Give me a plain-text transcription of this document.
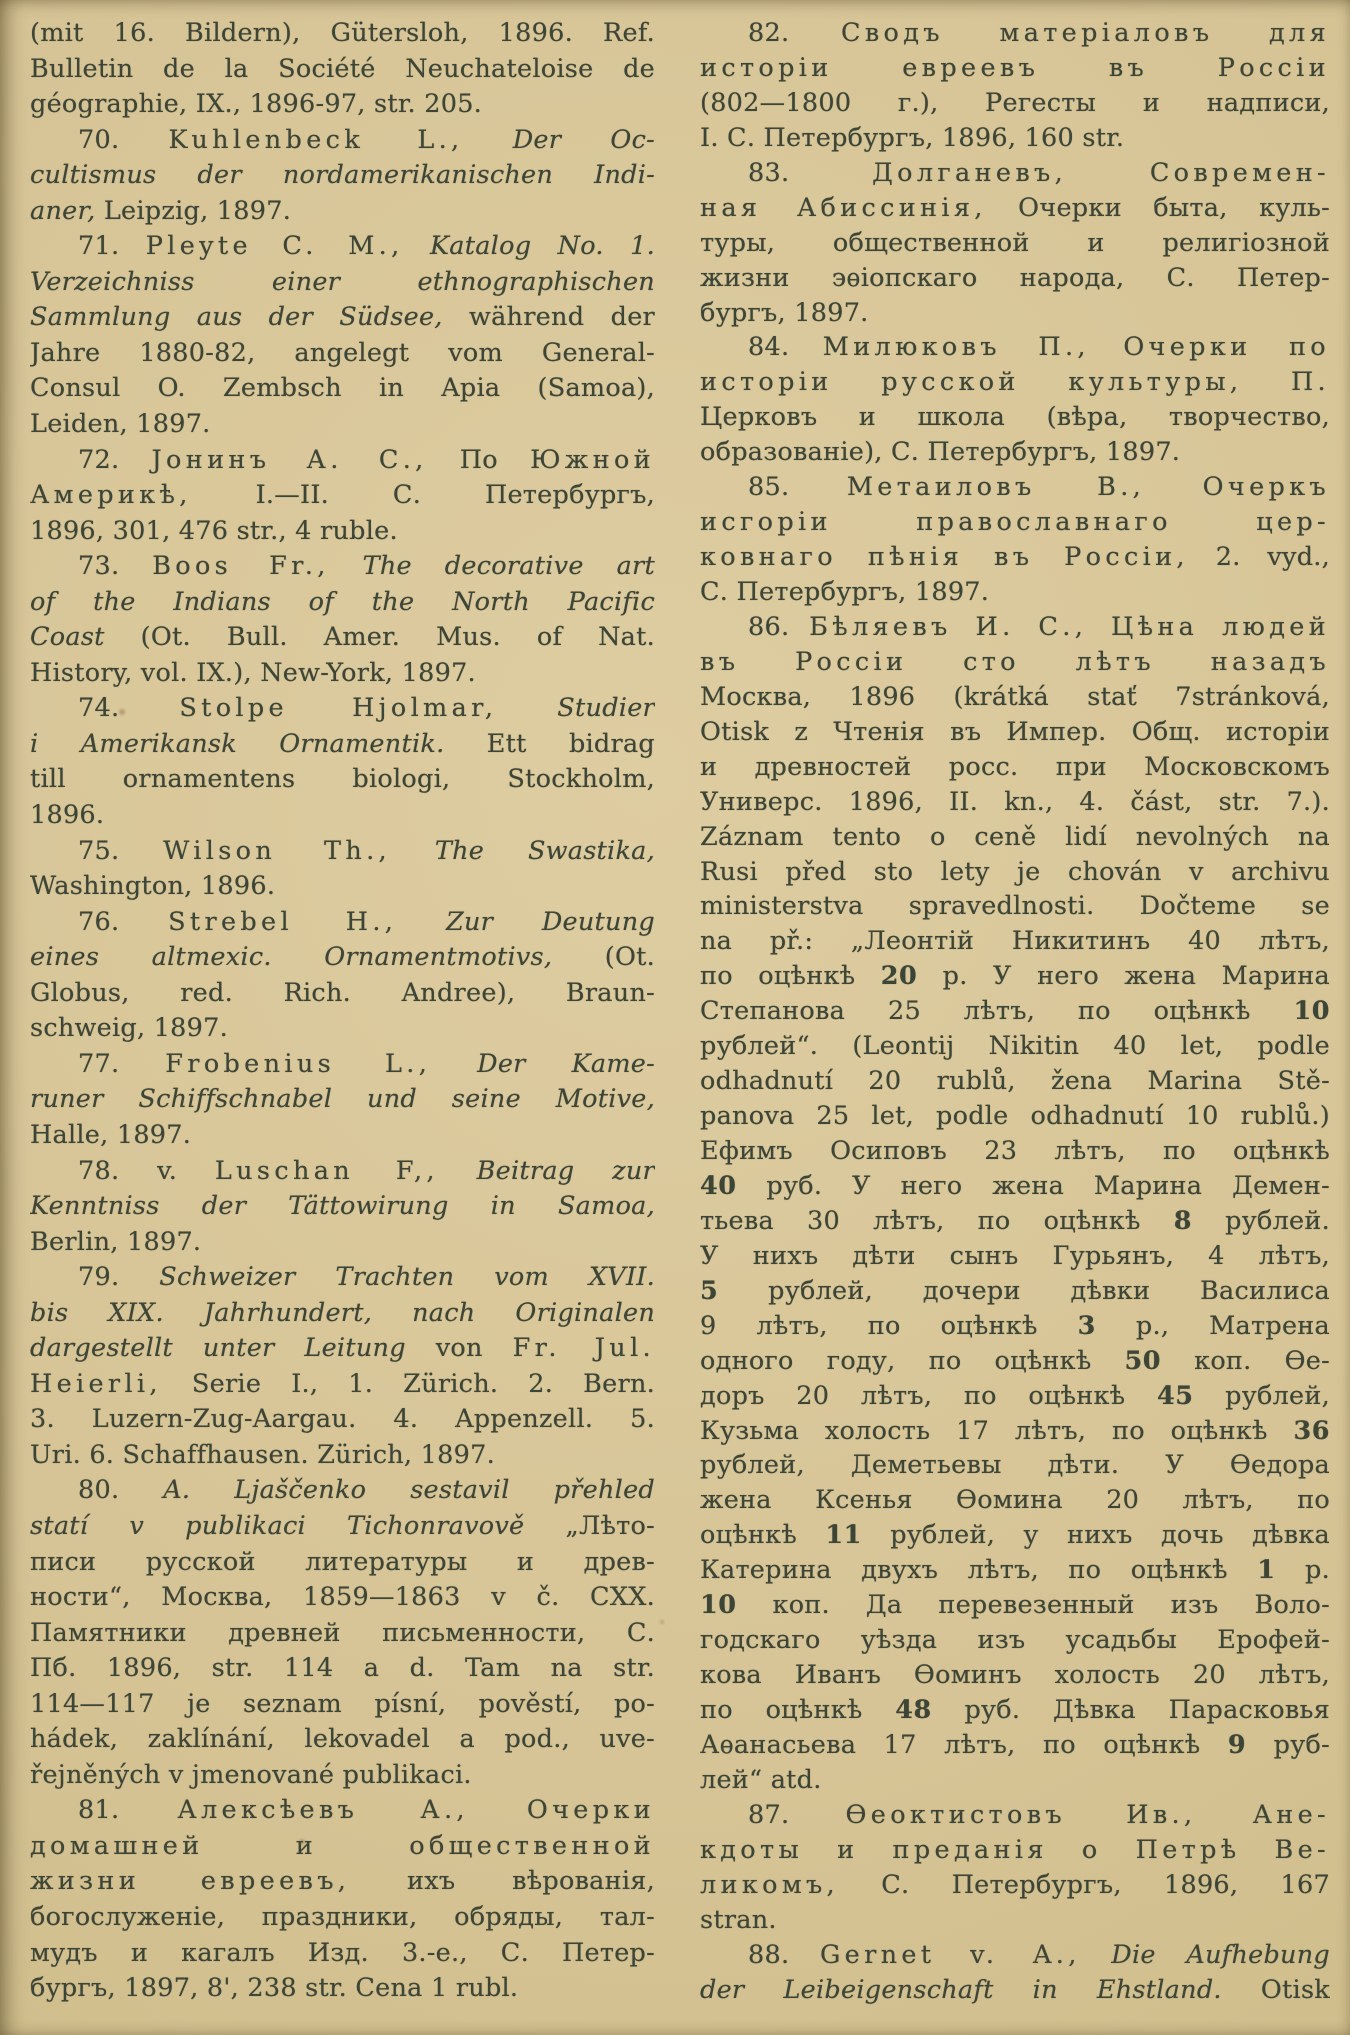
(mit 16. Bildern), Gütersloh, 1896. Ref.
Bulletin de la Société Neuchateloise de
géographie, IX., 1896-97, str. 205.
70. Kuhlenbeck L., Der Oc-
cultismus der nordamerikanischen Indi-
aner, Leipzig, 1897.
71. Pleyte C. M., Katalog No. 1.
Verzeichniss einer ethnographischen
Sammlung aus der Südsee, während der
Jahre 1880-82, angelegt vom General-
Consul O. Zembsch in Apia (Samoa),
Leiden, 1897.
72. Јонинъ А. С., По Южной
Америкѣ, I.—II. С. Петербургъ,
1896, 301, 476 str., 4 ruble.
73. Boos Fr., The decorative art
of the Indians of the North Pacific
Coast (Ot. Bull. Amer. Mus. of Nat.
History, vol. IX.), New-York, 1897.
74. Stolpe Hjolmar, Studier
i Amerikansk Ornamentik. Ett bidrag
till ornamentens biologi, Stockholm,
1896.
75. Wilson Th., The Swastika,
Washington, 1896.
76. Strebel H., Zur Deutung
eines altmexic. Ornamentmotivs, (Ot.
Globus, red. Rich. Andree), Braun-
schweig, 1897.
77. Frobenius L., Der Kame-
runer Schiffschnabel und seine Motive,
Halle, 1897.
78. v. Luschan F,, Beitrag zur
Kenntniss der Tättowirung in Samoa,
Berlin, 1897.
79. Schweizer Trachten vom XVII.
bis XIX. Jahrhundert, nach Originalen
dargestellt unter Leitung von Fr. Jul.
Heierli, Serie I., 1. Zürich. 2. Bern.
3. Luzern-Zug-Aargau. 4. Appenzell. 5.
Uri. 6. Schaffhausen. Zürich, 1897.
80. A. Ljaščenko sestavil přehled
statí v publikaci Tichonravově „Лѣто-
писи русской литературы и древ-
ности“, Москва, 1859—1863 v č. CXX.
Памятники древней письменности, С.
Пб. 1896, str. 114 a d. Tam na str.
114—117 je seznam písní, pověstí, po-
hádek, zaklínání, lekovadel a pod., uve-
řejněných v jmenované publikaci.
81. Алексѣевъ А., Очерки
домашней и общественной
жизни евреевъ, ихъ вѣрованія,
богослуженіе, праздники, обряды, тал-
мудъ и кагалъ Изд. 3.-е., С. Петер-
бургъ, 1897, 8', 238 str. Cena 1 rubl.
82. Сводъ матеріаловъ для
исторіи евреевъ въ Россіи
(802—1800 г.), Регесты и надписи,
I. С. Петербургъ, 1896, 160 str.
83. Долганевъ,	Современ-
ная Абиссинія, Очерки быта, куль-
туры, общественной и религіозной
жизни эѳіопскаго народа, С. Петер-
бургъ, 1897.
84. Милюковъ П., Очерки по
исторіи русской культуры, П.
Церковъ и школа (вѣра, творчество,
образованіе), С. Петербургъ, 1897.
85. Метаиловъ В., Очеркъ
исгоріи православнаго цер-
ковнаго пѣнія въ Россіи, 2. vyd.,
С. Петербургъ, 1897.
86. Бѣляевъ И. С., Цѣна людей
въ Россіи сто лѣтъ назадъ
Москва, 1896 (krátká stať 7stránková,
Otisk z Чтенія въ Импер. Общ. исторіи
и древностей росс. при Московскомъ
Универс. 1896, II. kn., 4. část, str. 7.).
Záznam tento o ceně lidí nevolných na
Rusi před sto lety je chován v archivu
ministerstva spravedlnosti. Dočteme se
na př.: „Леонтій Никитинъ 40 лѣтъ,
по оцѣнкѣ 20 р. У него жена Марина
Степанова 25 лѣтъ, по оцѣнкѣ 10
рублей“. (Leontij Nikitin 40 let, podle
odhadnutí 20 rublů, žena Marina Stě-
panova 25 let, podle odhadnutí 10 rublů.)
Ефимъ Осиповъ 23 лѣтъ, по оцѣнкѣ
40 руб. У него жена Марина Демен-
тьева 30 лѣтъ, по оцѣнкѣ 8 рублей.
У нихъ дѣти сынъ Гурьянъ, 4 лѣтъ,
5 рублей, дочери дѣвки Василиса
9 лѣтъ, по оцѣнкѣ 3 р., Матрена
одного году, по оцѣнкѣ 50 коп. Ѳе-
доръ 20 лѣтъ, по оцѣнкѣ 45 рублей,
Кузьма холость 17 лѣтъ, по оцѣнкѣ 36
рублей, Деметьевы дѣти. У Ѳедора
жена Ксенья Ѳомина 20 лѣтъ, по
оцѣнкѣ 11 рублей, у нихъ дочь дѣвка
Катерина двухъ лѣтъ, по оцѣнкѣ 1 р.
10 коп. Да перевезенный изъ Воло-
годскаго уѣзда изъ усадьбы Ерофей-
кова Иванъ Ѳоминъ холость 20 лѣтъ,
по оцѣнкѣ 48 руб. Дѣвка Парасковья
Аѳанасьева 17 лѣтъ, по оцѣнкѣ 9 руб-
лей“ atd.
87. Ѳеоктистовъ Ив., Ане-
кдоты и преданія о Петрѣ Ве-
ликомъ, С. Петербургъ, 1896, 167
stran.
88. Gernet v. A., Die Aufhebung
der Leibeigenschaft in Ehstland. Otisk
